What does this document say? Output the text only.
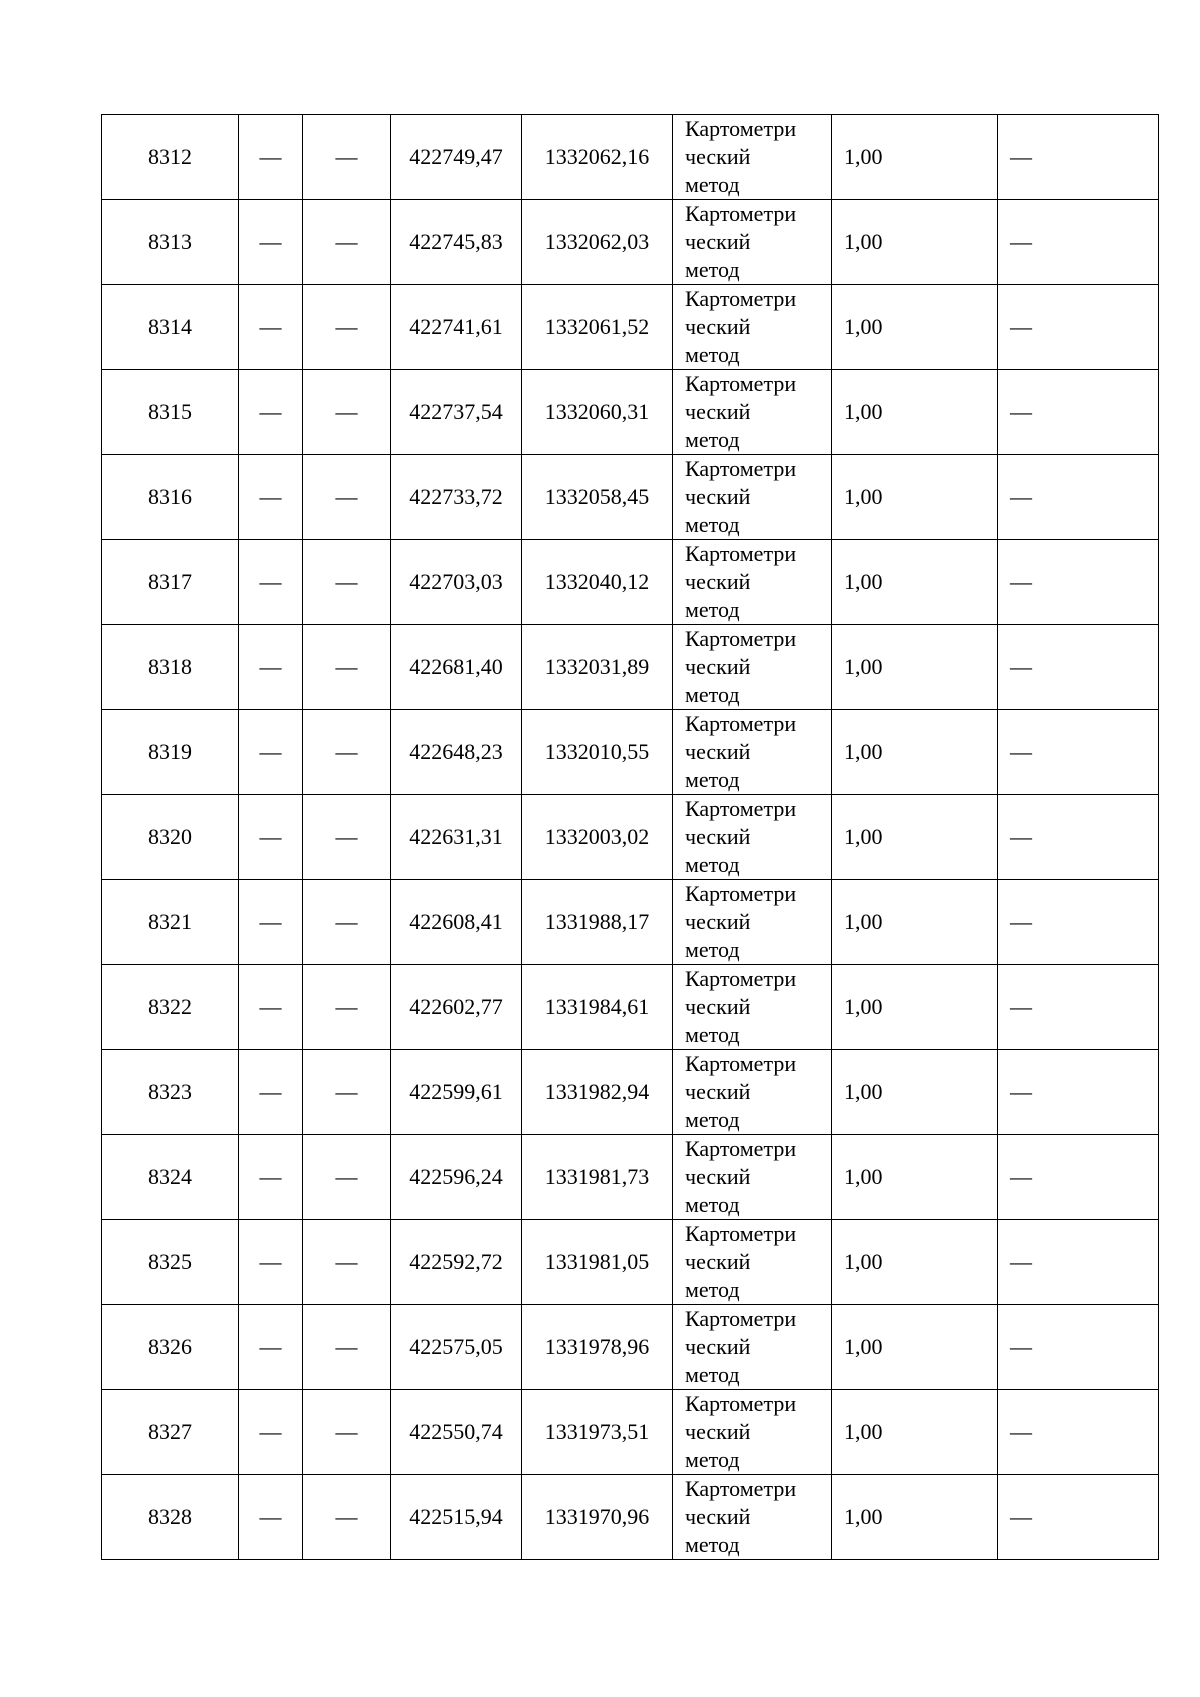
8312	—	—	422749,47	1332062,16	Картометри
ческий
метод	1,00	—
8313	—	—	422745,83	1332062,03	Картометри
ческий
метод	1,00	—
8314	—	—	422741,61	1332061,52	Картометри
ческий
метод	1,00	—
8315	—	—	422737,54	1332060,31	Картометри
ческий
метод	1,00	—
8316	—	—	422733,72	1332058,45	Картометри
ческий
метод	1,00	—
8317	—	—	422703,03	1332040,12	Картометри
ческий
метод	1,00	—
8318	—	—	422681,40	1332031,89	Картометри
ческий
метод	1,00	—
8319	—	—	422648,23	1332010,55	Картометри
ческий
метод	1,00	—
8320	—	—	422631,31	1332003,02	Картометри
ческий
метод	1,00	—
8321	—	—	422608,41	1331988,17	Картометри
ческий
метод	1,00	—
8322	—	—	422602,77	1331984,61	Картометри
ческий
метод	1,00	—
8323	—	—	422599,61	1331982,94	Картометри
ческий
метод	1,00	—
8324	—	—	422596,24	1331981,73	Картометри
ческий
метод	1,00	—
8325	—	—	422592,72	1331981,05	Картометри
ческий
метод	1,00	—
8326	—	—	422575,05	1331978,96	Картометри
ческий
метод	1,00	—
8327	—	—	422550,74	1331973,51	Картометри
ческий
метод	1,00	—
8328	—	—	422515,94	1331970,96	Картометри
ческий
метод	1,00	—
